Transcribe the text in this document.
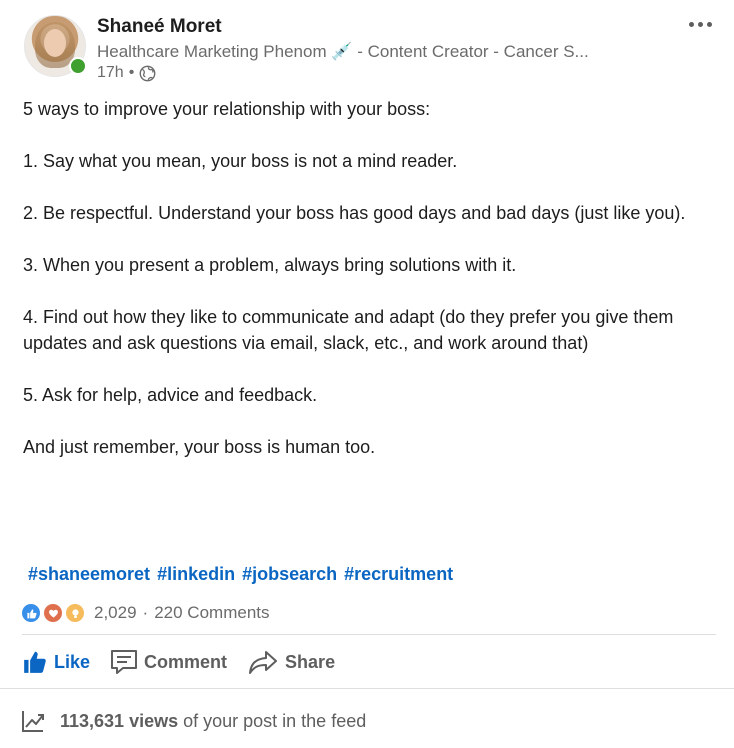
Shaneé Moret
Healthcare Marketing Phenom 💉 - Content Creator - Cancer S...
17h •

5 ways to improve your relationship with your boss:

1. Say what you mean, your boss is not a mind reader.

2. Be respectful. Understand your boss has good days and bad days (just like you).

3. When you present a problem, always bring solutions with it.

4. Find out how they like to communicate and adapt (do they prefer you give them updates and ask questions via email, slack, etc., and work around that)

5. Ask for help, advice and feedback.

And just remember, your boss is human too.

#shaneemoret #linkedin #jobsearch #recruitment
2,029 · 220 Comments
Like	Comment	Share
113,631 views of your post in the feed
